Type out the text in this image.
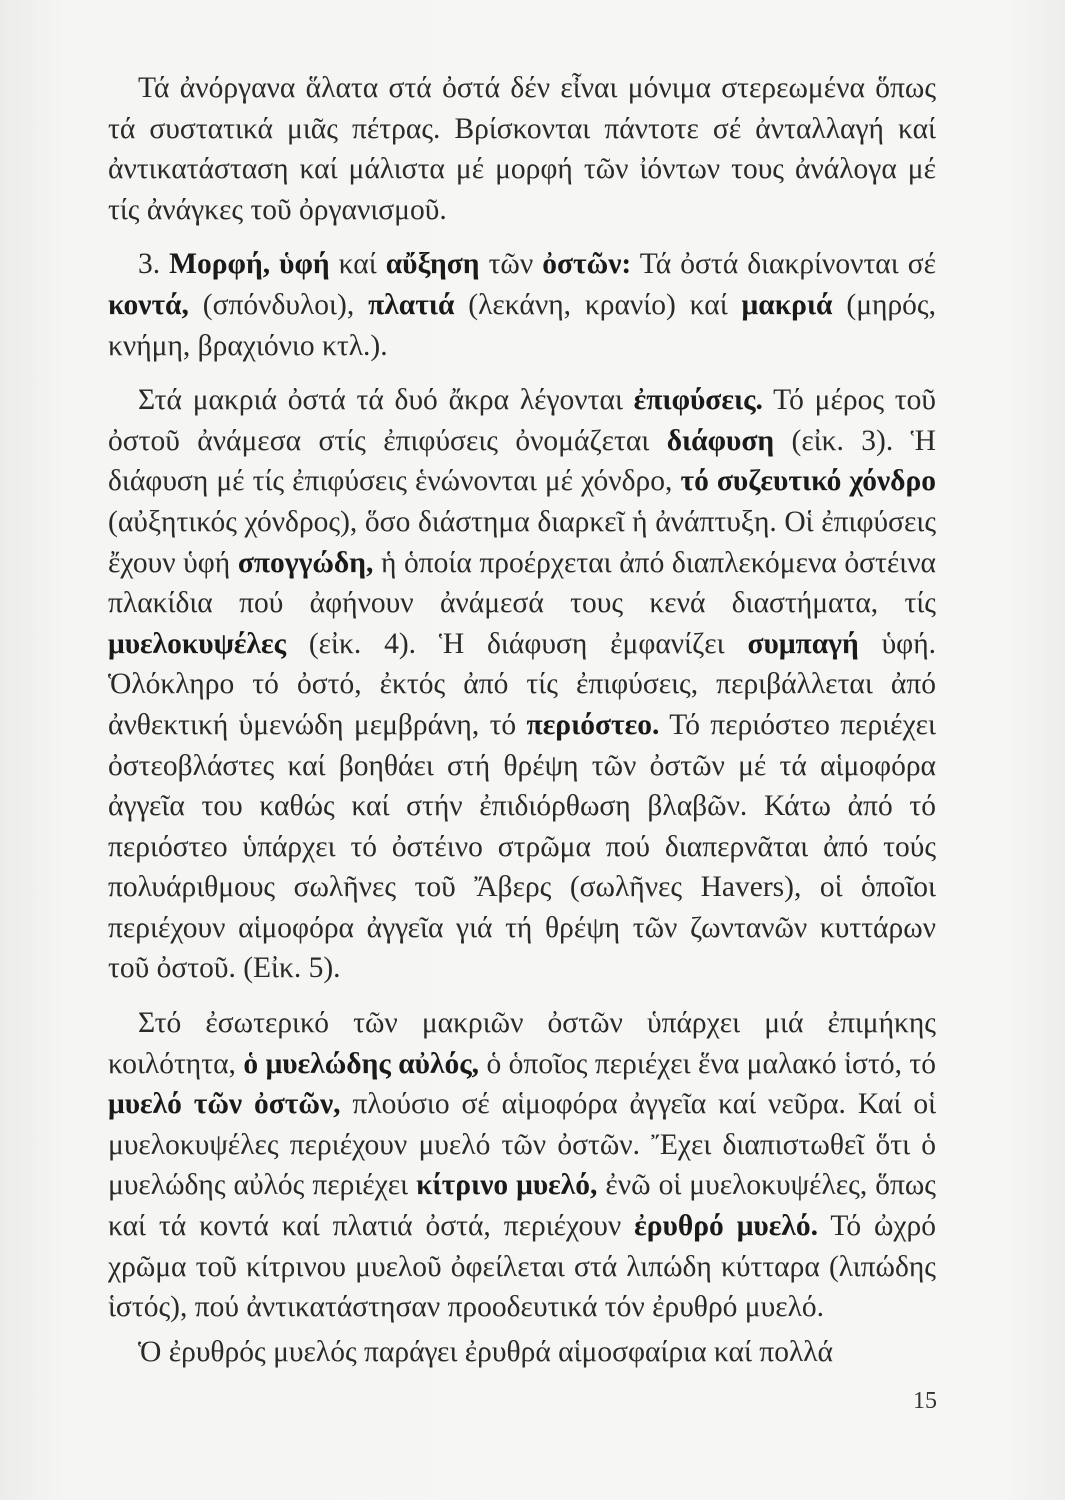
Τά ἀνόργανα ἅλατα στά ὀστά δέν εἶναι μόνιμα στερεωμένα ὅπως τά συστατικά μιᾶς πέτρας. Βρίσκονται πάντοτε σέ ἀνταλλαγή καί ἀντικατάσταση καί μάλιστα μέ μορφή τῶν ἰόντων τους ἀνάλογα μέ τίς ἀνάγκες τοῦ ὀργανισμοῦ.

3. Μορφή, ὑφή καί αὔξηση τῶν ὀστῶν: Τά ὀστά διακρίνονται σέ κοντά, (σπόνδυλοι), πλατιά (λεκάνη, κρανίο) καί μακριά (μηρός, κνήμη, βραχιόνιο κτλ.).

Στά μακριά ὀστά τά δυό ἄκρα λέγονται ἐπιφύσεις. Τό μέρος τοῦ ὀστοῦ ἀνάμεσα στίς ἐπιφύσεις ὀνομάζεται διάφυση (εἰκ. 3). Ἡ διάφυση μέ τίς ἐπιφύσεις ἑνώνονται μέ χόνδρο, τό συζευτικό χόνδρο (αὐξητικός χόνδρος), ὅσο διάστημα διαρκεῖ ἡ ἀνάπτυξη. Οἱ ἐπιφύσεις ἔχουν ὑφή σπογγώδη, ἡ ὁποία προέρχεται ἀπό διαπλεκόμενα ὀστέινα πλακίδια πού ἀφήνουν ἀνάμεσά τους κενά διαστήματα, τίς μυελοκυψέλες (εἰκ. 4). Ἡ διάφυση ἐμφανίζει συμπαγή ὑφή. Ὁλόκληρο τό ὀστό, ἐκτός ἀπό τίς ἐπιφύσεις, περιβάλλεται ἀπό ἀνθεκτική ὑμενώδη μεμβράνη, τό περιόστεο. Τό περιόστεο περιέχει ὀστεοβλάστες καί βοηθάει στή θρέψη τῶν ὀστῶν μέ τά αἱμοφόρα ἀγγεῖα του καθώς καί στήν ἐπιδιόρθωση βλαβῶν. Κάτω ἀπό τό περιόστεο ὑπάρχει τό ὀστέινο στρῶμα πού διαπερνᾶται ἀπό τούς πολυάριθμους σωλῆνες τοῦ Ἄβερς (σωλῆνες Havers), οἱ ὁποῖοι περιέχουν αἱμοφόρα ἀγγεῖα γιά τή θρέψη τῶν ζωντανῶν κυττάρων τοῦ ὀστοῦ. (Εἰκ. 5).

Στό ἐσωτερικό τῶν μακριῶν ὀστῶν ὑπάρχει μιά ἐπιμήκης κοιλότητα, ὁ μυελώδης αὐλός, ὁ ὁποῖος περιέχει ἕνα μαλακό ἱστό, τό μυελό τῶν ὀστῶν, πλούσιο σέ αἱμοφόρα ἀγγεῖα καί νεῦρα. Καί οἱ μυελοκυψέλες περιέχουν μυελό τῶν ὀστῶν. Ἔχει διαπιστωθεῖ ὅτι ὁ μυελώδης αὐλός περιέχει κίτρινο μυελό, ἐνῶ οἱ μυελοκυψέλες, ὅπως καί τά κοντά καί πλατιά ὀστά, περιέχουν ἐρυθρό μυελό. Τό ὠχρό χρῶμα τοῦ κίτρινου μυελοῦ ὀφείλεται στά λιπώδη κύτταρα (λιπώδης ἱστός), πού ἀντικατάστησαν προοδευτικά τόν ἐρυθρό μυελό.

Ὁ ἐρυθρός μυελός παράγει ἐρυθρά αἱμοσφαίρια καί πολλά

15
